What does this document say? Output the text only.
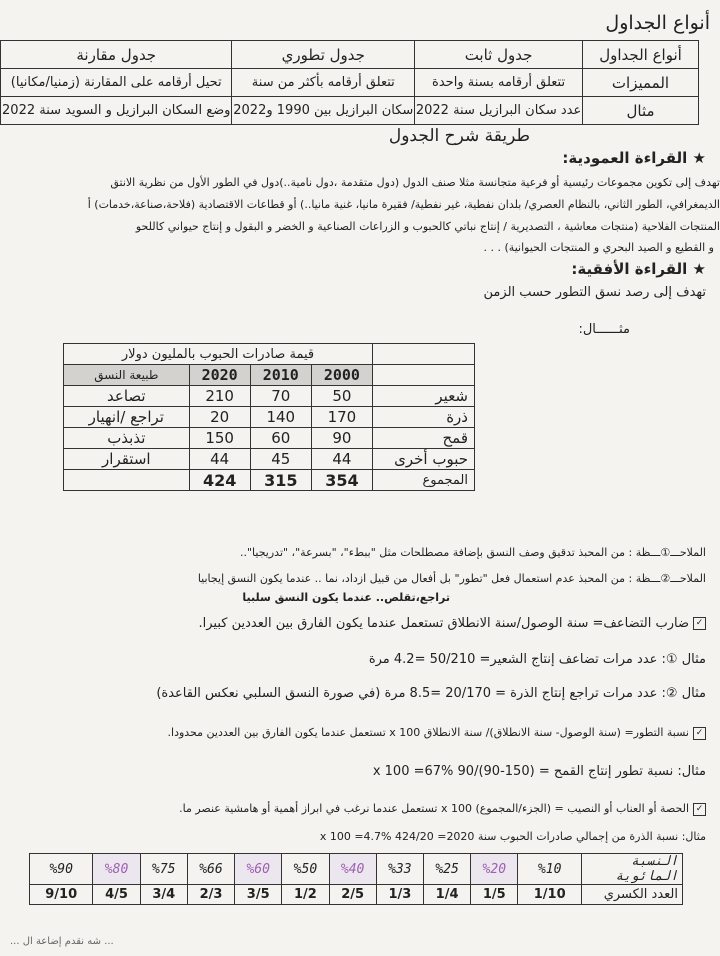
أنواع الجداول
أنواع الجداول	جدول ثابت	جدول تطوري	جدول مقارنة
المميزات	تتعلق أرقامه بسنة واحدة	تتعلق أرقامه بأكثر من سنة	تحيل أرقامه على المقارنة (زمنيا/مكانيا)
مثال	عدد سكان البرازيل سنة 2022	سكان البرازيل بين 1990 و2022	وضع السكان البرازيل و السويد سنة 2022
طريقة شرح الجدول
★ القراءة العمودية:
تهدف إلى تكوين مجموعات رئيسية أو فرعية متجانسة مثلا صنف الدول (دول متقدمة ،دول نامية..)دول في الطور الأول من نظرية الانتق
الديمغرافي، الطور الثاني، بالنظام العصري/ بلدان نفطية، غير نفطية/ فقيرة مانيا، غنية مانيا..) أو قطاعات الاقتصادية (فلاحة،صناعة،خدمات) أ
المنتجات الفلاحية (منتجات معاشية ، التصديرية / إنتاج نباتي كالحبوب و الزراعات الصناعية و الخضر و البقول و إنتاج حيواني كاللحو
و القطيع و الصيد البحري و المنتجات الحيوانية) . . .
★ القراءة الأفقية:
تهدف إلى رصد نسق التطور حسب الزمن
مثــــــال:
قيمة صادرات الحبوب بالمليون دولار				
طبيعة النسق	2020	2010	2000	
تصاعد	210	70	50	شعير
تراجع /انهيار	20	140	170	ذرة
تذبذب	150	60	90	قمح
استقرار	44	45	44	حبوب أخرى
	424	315	354	المجموع
الملاحـــ①ـــظة : من المحبذ تدقيق وصف النسق بإضافة مصطلحات مثل "ببطء"، "بسرعة"، "تدريجيا"..
الملاحـــ②ـــظة : من المحبذ عدم استعمال فعل "تطور" بل أفعال من قبيل ازداد، نما .. عندما يكون النسق إيجابيا
تراجع،تقلص.. عندما يكون النسق سلبيا
✓ضارب التضاعف= سنة الوصول/سنة الانطلاق تستعمل عندما يكون الفارق بين العددين كبيرا.
مثال ①: عدد مرات تضاعف إنتاج الشعير= 50/210 =4.2 مرة
مثال ②: عدد مرات تراجع إنتاج الذرة = 20/170 =8.5 مرة (في صورة النسق السلبي نعكس القاعدة)
✓نسبة التطور= (سنة الوصول- سنة الانطلاق)/ سنة الانطلاق x 100 تستعمل عندما يكون الفارق بين العددين محدودا.
مثال: نسبة تطور إنتاج القمح = (150-90)/90 x 100 =67%
✓الحصة أو العناب أو النصيب = (الجزء/المجموع) x 100 تستعمل عندما نرغب في ابراز أهمية أو هامشية عنصر ما.
مثال: نسبة الذرة من إجمالي صادرات الحبوب سنة 2020= 424/20 x 100 =4.7%
%90	%80	%75	%66	%60	%50	%40	%33	%25	%20	%10	النسبة المائوية
9/10	4/5	3/4	2/3	3/5	1/2	2/5	1/3	1/4	1/5	1/10	العدد الكسري
... شه نقدم إضاعة ال ...
